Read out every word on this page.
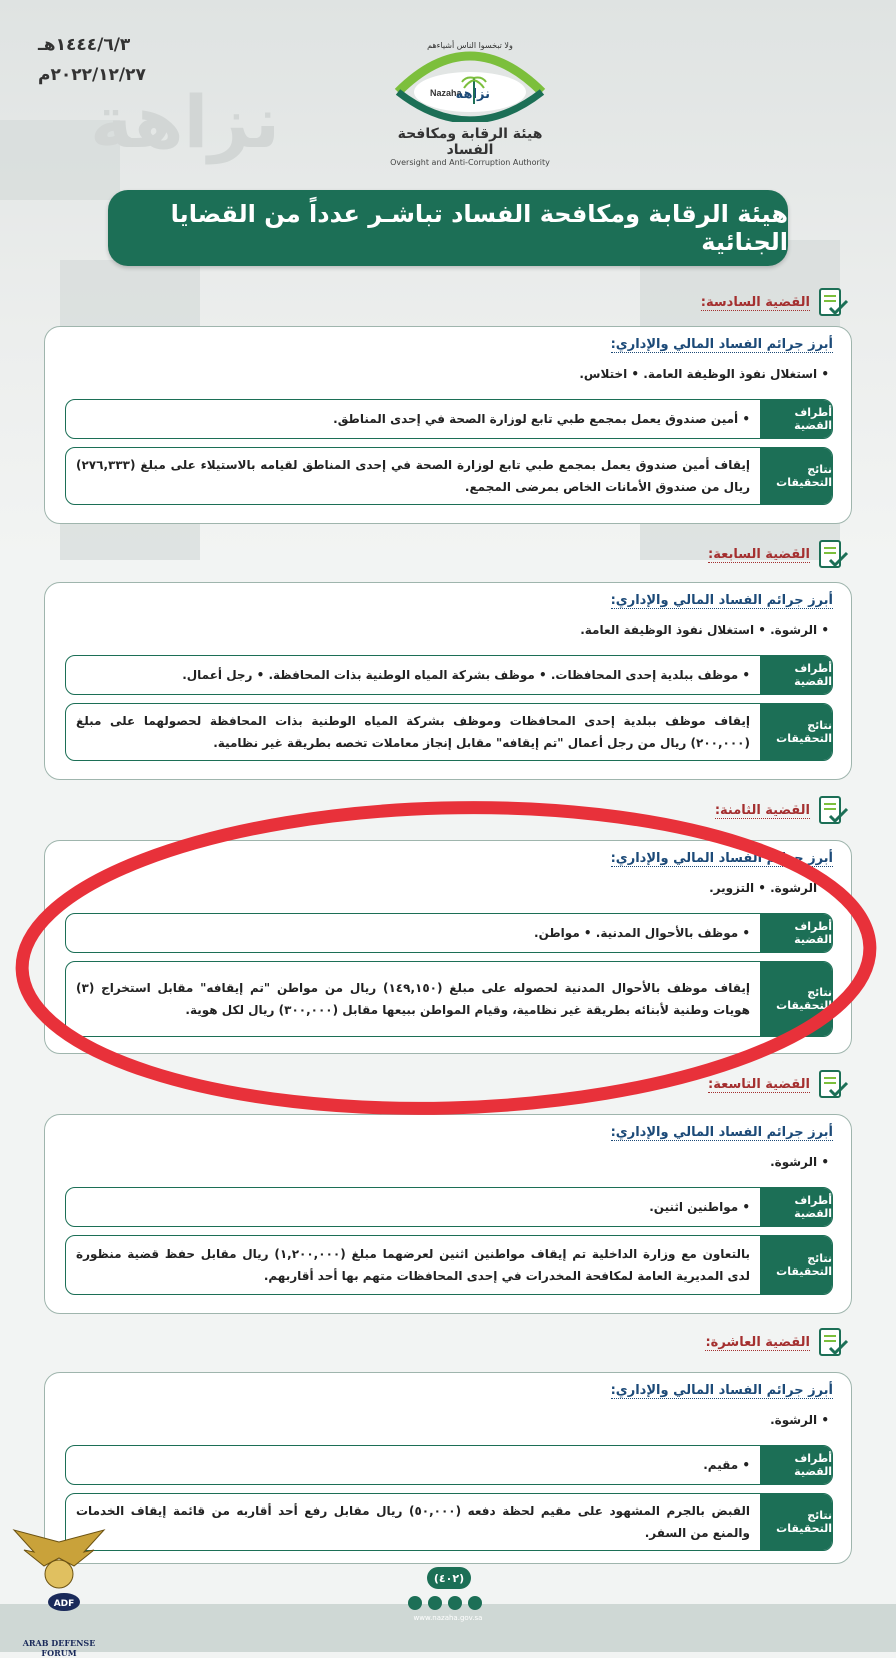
نزاهة
١٤٤٤/٦/٣هـ
٢٠٢٢/١٢/٢٧م
Nazaha
نزاهة
ولا تبخسوا الناس أشياءهم
هيئة الرقابة ومكافحة الفساد
Oversight and Anti-Corruption Authority
هيئة الرقابة ومكافحة الفساد تباشـر عدداً من القضايا الجنائية
القضية السادسة:
أبرز جرائم الفساد المالي والإداري:
• استغلال نفوذ الوظيفة العامة. • اختلاس.
أطراف القضية
• أمين صندوق يعمل بمجمع طبي تابع لوزارة الصحة في إحدى المناطق.
نتائج التحقيقات
إيقاف أمين صندوق يعمل بمجمع طبي تابع لوزارة الصحة في إحدى المناطق لقيامه بالاستيلاء على مبلغ (٢٧٦,٣٣٣) ريال من صندوق الأمانات الخاص بمرضى المجمع.
القضية السابعة:
أبرز جرائم الفساد المالي والإداري:
• الرشوة. • استغلال نفوذ الوظيفة العامة.
أطراف القضية
• موظف ببلدية إحدى المحافظات. • موظف بشركة المياه الوطنية بذات المحافظة. • رجل أعمال.
نتائج التحقيقات
إيقاف موظف ببلدية إحدى المحافظات وموظف بشركة المياه الوطنية بذات المحافظة لحصولهما على مبلغ (٢٠٠,٠٠٠) ريال من رجل أعمال "تم إيقافه" مقابل إنجاز معاملات تخصه بطريقة غير نظامية.
القضية الثامنة:
أبرز جرائم الفساد المالي والإداري:
• الرشوة. • التزوير.
أطراف القضية
• موظف بالأحوال المدنية. • مواطن.
نتائج التحقيقات
إيقاف موظف بالأحوال المدنية لحصوله على مبلغ (١٤٩,١٥٠) ريال من مواطن "تم إيقافه" مقابل استخراج (٣) هويات وطنية لأبنائه بطريقة غير نظامية، وقيام المواطن ببيعها مقابل (٣٠٠,٠٠٠) ريال لكل هوية.
القضية التاسعة:
أبرز جرائم الفساد المالي والإداري:
• الرشوة.
أطراف القضية
• مواطنين اثنين.
نتائج التحقيقات
بالتعاون مع وزارة الداخلية تم إيقاف مواطنين اثنين لعرضهما مبلغ (١,٢٠٠,٠٠٠) ريال مقابل حفظ قضية منظورة لدى المديرية العامة لمكافحة المخدرات في إحدى المحافظات متهم بها أحد أقاربهم.
القضية العاشرة:
أبرز جرائم الفساد المالي والإداري:
• الرشوة.
أطراف القضية
• مقيم.
نتائج التحقيقات
القبض بالجرم المشهود على مقيم لحظة دفعه (٥٠,٠٠٠) ريال مقابل رفع أحد أقاربه من قائمة إيقاف الخدمات والمنع من السفر.
(٤٠٢)
www.nazaha.gov.sa
ADF
ARAB DEFENSE FORUM
